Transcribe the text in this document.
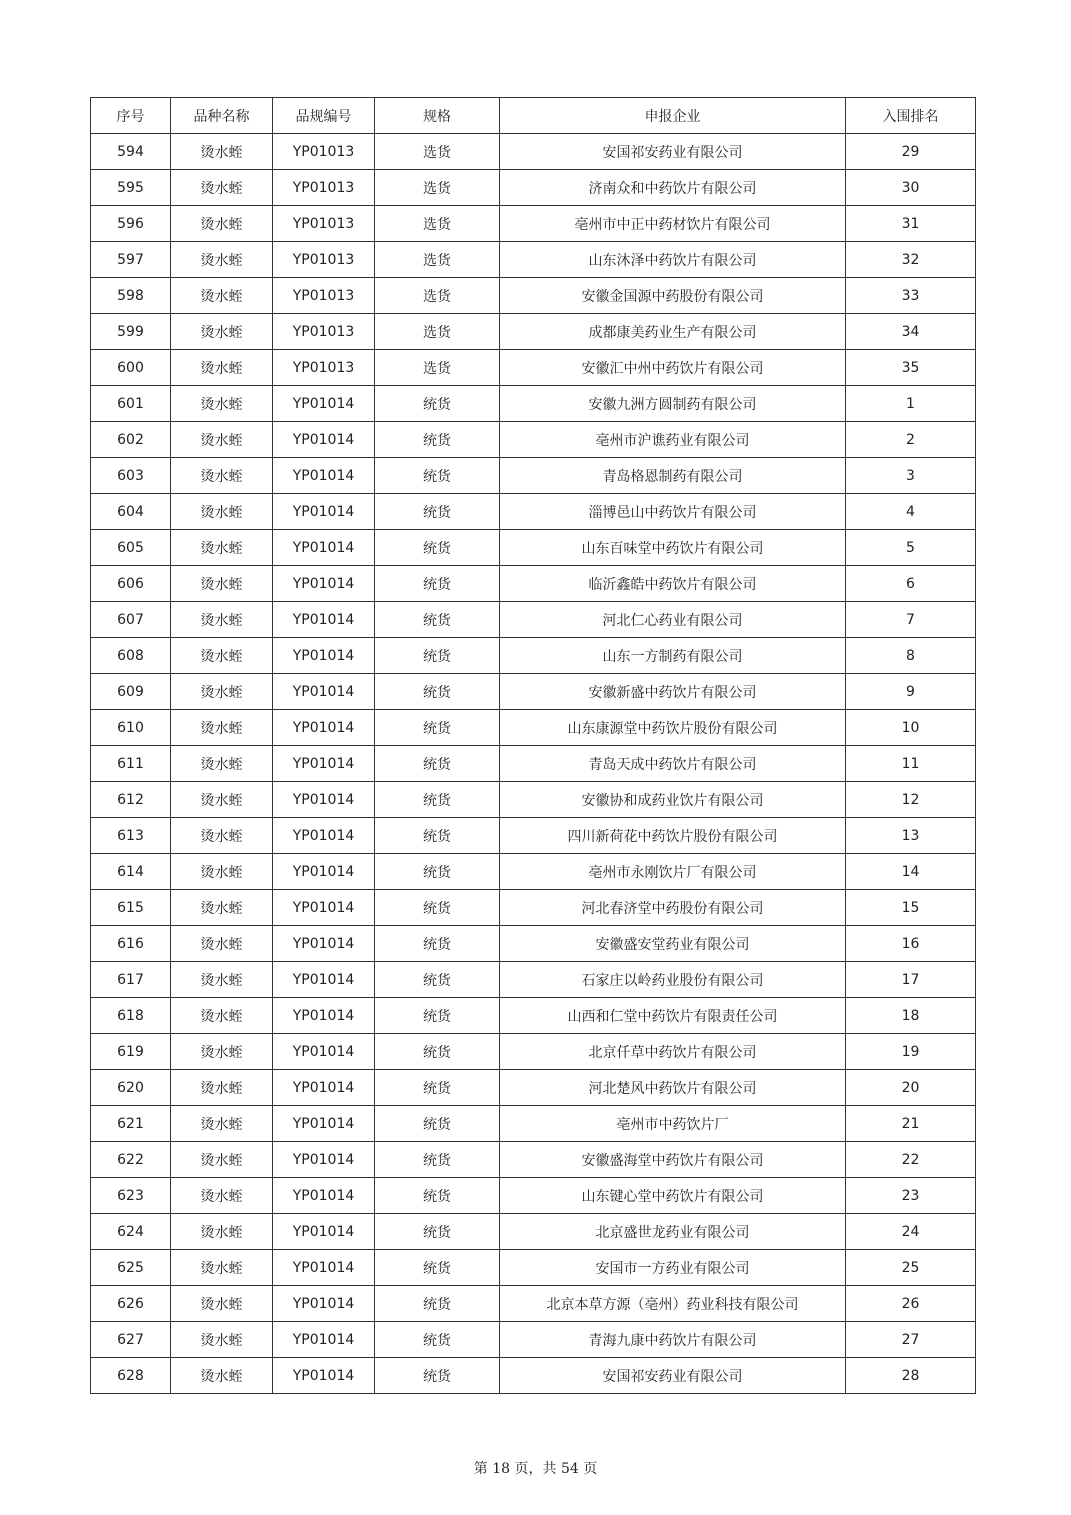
序号	品种名称	品规编号	规格	申报企业	入围排名
594	烫水蛭	YP01013	选货	安国祁安药业有限公司	29
595	烫水蛭	YP01013	选货	济南众和中药饮片有限公司	30
596	烫水蛭	YP01013	选货	亳州市中正中药材饮片有限公司	31
597	烫水蛭	YP01013	选货	山东沐泽中药饮片有限公司	32
598	烫水蛭	YP01013	选货	安徽金国源中药股份有限公司	33
599	烫水蛭	YP01013	选货	成都康美药业生产有限公司	34
600	烫水蛭	YP01013	选货	安徽汇中州中药饮片有限公司	35
601	烫水蛭	YP01014	统货	安徽九洲方圆制药有限公司	1
602	烫水蛭	YP01014	统货	亳州市沪谯药业有限公司	2
603	烫水蛭	YP01014	统货	青岛格恩制药有限公司	3
604	烫水蛭	YP01014	统货	淄博邑山中药饮片有限公司	4
605	烫水蛭	YP01014	统货	山东百味堂中药饮片有限公司	5
606	烫水蛭	YP01014	统货	临沂鑫皓中药饮片有限公司	6
607	烫水蛭	YP01014	统货	河北仁心药业有限公司	7
608	烫水蛭	YP01014	统货	山东一方制药有限公司	8
609	烫水蛭	YP01014	统货	安徽新盛中药饮片有限公司	9
610	烫水蛭	YP01014	统货	山东康源堂中药饮片股份有限公司	10
611	烫水蛭	YP01014	统货	青岛天成中药饮片有限公司	11
612	烫水蛭	YP01014	统货	安徽协和成药业饮片有限公司	12
613	烫水蛭	YP01014	统货	四川新荷花中药饮片股份有限公司	13
614	烫水蛭	YP01014	统货	亳州市永刚饮片厂有限公司	14
615	烫水蛭	YP01014	统货	河北春济堂中药股份有限公司	15
616	烫水蛭	YP01014	统货	安徽盛安堂药业有限公司	16
617	烫水蛭	YP01014	统货	石家庄以岭药业股份有限公司	17
618	烫水蛭	YP01014	统货	山西和仁堂中药饮片有限责任公司	18
619	烫水蛭	YP01014	统货	北京仟草中药饮片有限公司	19
620	烫水蛭	YP01014	统货	河北楚风中药饮片有限公司	20
621	烫水蛭	YP01014	统货	亳州市中药饮片厂	21
622	烫水蛭	YP01014	统货	安徽盛海堂中药饮片有限公司	22
623	烫水蛭	YP01014	统货	山东键心堂中药饮片有限公司	23
624	烫水蛭	YP01014	统货	北京盛世龙药业有限公司	24
625	烫水蛭	YP01014	统货	安国市一方药业有限公司	25
626	烫水蛭	YP01014	统货	北京本草方源（亳州）药业科技有限公司	26
627	烫水蛭	YP01014	统货	青海九康中药饮片有限公司	27
628	烫水蛭	YP01014	统货	安国祁安药业有限公司	28
第 18 页，共 54 页
